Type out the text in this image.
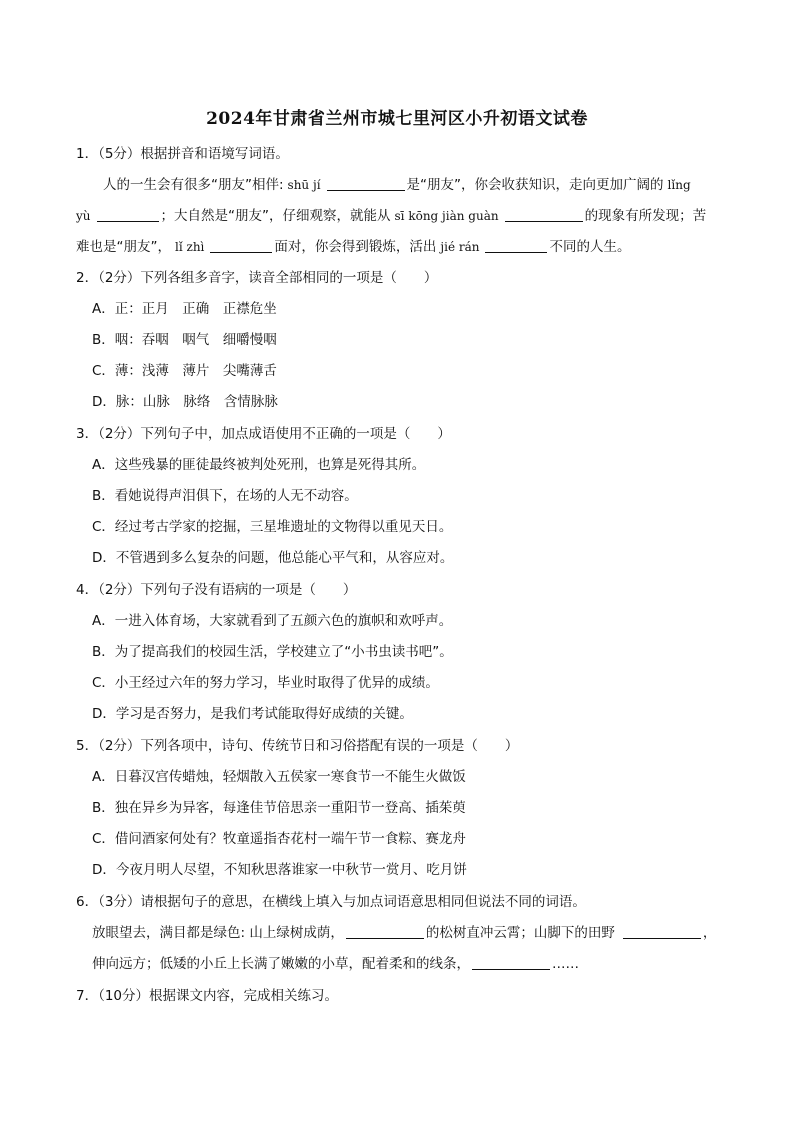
2024年甘肃省兰州市城七里河区小升初语文试卷
1．（5分）根据拼音和语境写词语。
人的一生会有很多“朋友”相伴: shū jí	是“朋友”，你会收获知识，走向更加广阔的 lǐng
yù	；大自然是“朋友”，仔细观察，就能从 sī kōng jiàn guàn	的现象有所发现；苦
难也是“朋友”， lǐ zhì	面对，你会得到锻炼，活出 jié rán	不同的人生。
2．（2分）下列各组多音字，读音全部相同的一项是（　　）
A．正：正月　正确　正襟危坐
B．咽：吞咽　咽气　细嚼慢咽
C．薄：浅薄　薄片　尖嘴薄舌
D．脉：山脉　脉络　含情脉脉
3．（2分）下列句子中，加点成语使用不正确的一项是（　　）
A．这些残暴的匪徒最终被判处死刑，也算是死得其所。
B．看她说得声泪俱下，在场的人无不动容。
C．经过考古学家的挖掘，三星堆遗址的文物得以重见天日。
D．不管遇到多么复杂的问题，他总能心平气和，从容应对。
4．（2分）下列句子没有语病的一项是（　　）
A．一进入体育场，大家就看到了五颜六色的旗帜和欢呼声。
B．为了提高我们的校园生活，学校建立了“小书虫读书吧”。
C．小王经过六年的努力学习，毕业时取得了优异的成绩。
D．学习是否努力，是我们考试能取得好成绩的关键。
5．（2分）下列各项中，诗句、传统节日和习俗搭配有误的一项是（　　）
A．日暮汉宫传蜡烛，轻烟散入五侯家一寒食节一不能生火做饭
B．独在异乡为异客，每逢佳节倍思亲一重阳节一登高、插茱萸
C．借问酒家何处有？牧童遥指杏花村一端午节一食粽、赛龙舟
D．今夜月明人尽望，不知秋思落谁家一中秋节一赏月、吃月饼
6．（3分）请根据句子的意思，在横线上填入与加点词语意思相同但说法不同的词语。
放眼望去，满目都是绿色: 山上绿树成荫，	的松树直冲云霄；山脚下的田野	，
伸向远方；低矮的小丘上长满了嫩嫩的小草，配着柔和的线条，	……
7．（10分）根据课文内容，完成相关练习。
